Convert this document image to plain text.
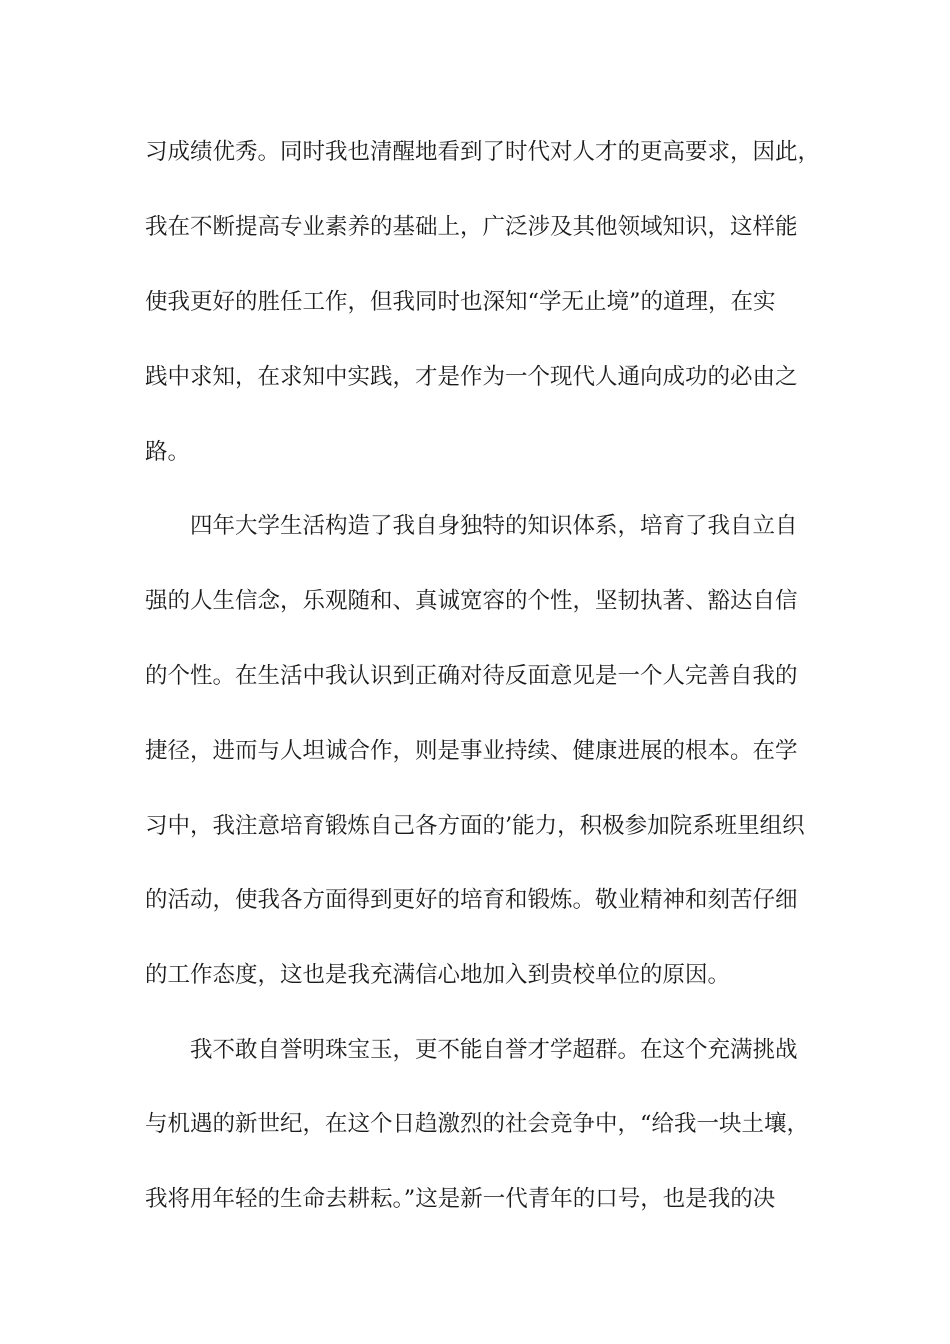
习成绩优秀。同时我也清醒地看到了时代对人才的更高要求，因此，
我在不断提高专业素养的基础上，广泛涉及其他领域知识，这样能
使我更好的胜任工作，但我同时也深知“学无止境”的道理，在实
践中求知，在求知中实践，才是作为一个现代人通向成功的必由之
路。
四年大学生活构造了我自身独特的知识体系，培育了我自立自
强的人生信念，乐观随和、真诚宽容的个性，坚韧执著、豁达自信
的个性。在生活中我认识到正确对待反面意见是一个人完善自我的
捷径，进而与人坦诚合作，则是事业持续、健康进展的根本。在学
习中，我注意培育锻炼自己各方面的’能力，积极参加院系班里组织
的活动，使我各方面得到更好的培育和锻炼。敬业精神和刻苦仔细
的工作态度，这也是我充满信心地加入到贵校单位的原因。
我不敢自誉明珠宝玉，更不能自誉才学超群。在这个充满挑战
与机遇的新世纪，在这个日趋激烈的社会竞争中，“给我一块土壤，
我将用年轻的生命去耕耘。”这是新一代青年的口号，也是我的决
